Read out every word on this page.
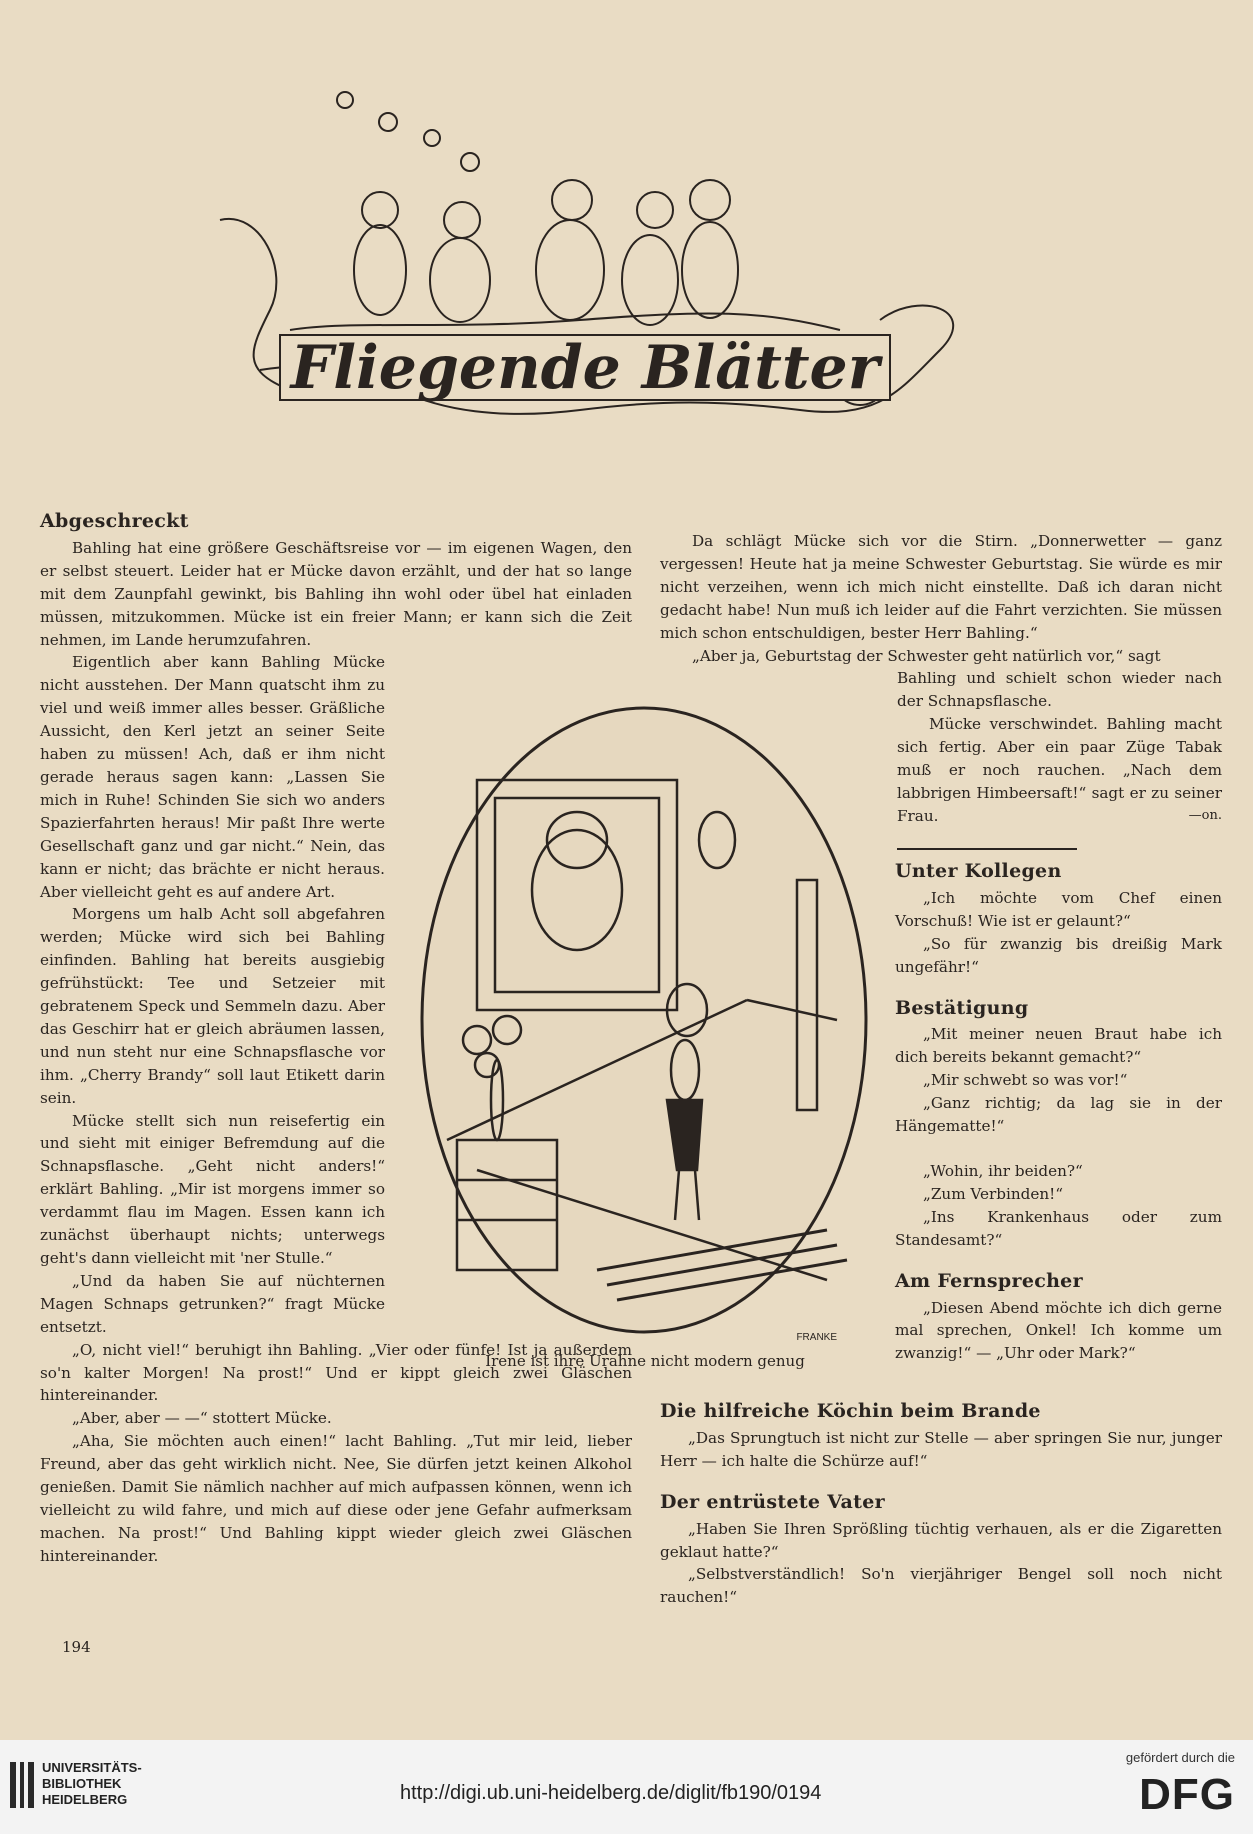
Fliegende Blätter
Abgeschreckt

Bahling hat eine größere Geschäftsreise vor — im eigenen Wagen, den er selbst steuert. Leider hat er Mücke davon erzählt, und der hat so lange mit dem Zaunpfahl gewinkt, bis Bahling ihn wohl oder übel hat einladen müssen, mitzukommen. Mücke ist ein freier Mann; er kann sich die Zeit nehmen, im Lande herumzufahren.

Eigentlich aber kann Bahling Mücke nicht ausstehen. Der Mann quatscht ihm zu viel und weiß immer alles besser. Gräßliche Aussicht, den Kerl jetzt an seiner Seite haben zu müssen! Ach, daß er ihm nicht gerade heraus sagen kann: „Lassen Sie mich in Ruhe! Schinden Sie sich wo anders Spazierfahrten heraus! Mir paßt Ihre werte Gesellschaft ganz und gar nicht.“ Nein, das kann er nicht; das brächte er nicht heraus. Aber vielleicht geht es auf andere Art.

Morgens um halb Acht soll abgefahren werden; Mücke wird sich bei Bahling einfinden. Bahling hat bereits ausgiebig gefrühstückt: Tee und Setzeier mit gebratenem Speck und Semmeln dazu. Aber das Geschirr hat er gleich abräumen lassen, und nun steht nur eine Schnapsflasche vor ihm. „Cherry Brandy“ soll laut Etikett darin sein.

Mücke stellt sich nun reisefertig ein und sieht mit einiger Befremdung auf die Schnapsflasche. „Geht nicht anders!“ erklärt Bahling. „Mir ist morgens immer so verdammt flau im Magen. Essen kann ich zunächst überhaupt nichts; unterwegs geht's dann vielleicht mit 'ner Stulle.“

„Und da haben Sie auf nüchternen Magen Schnaps getrunken?“ fragt Mücke entsetzt.

„O, nicht viel!“ beruhigt ihn Bahling. „Vier oder fünfe! Ist ja außerdem so'n kalter Morgen! Na prost!“ Und er kippt gleich zwei Gläschen hintereinander.

„Aber, aber — —“ stottert Mücke.

„Aha, Sie möchten auch einen!“ lacht Bahling. „Tut mir leid, lieber Freund, aber das geht wirklich nicht. Nee, Sie dürfen jetzt keinen Alkohol genießen. Damit Sie nämlich nachher auf mich aufpassen können, wenn ich vielleicht zu wild fahre, und mich auf diese oder jene Gefahr aufmerksam machen. Na prost!“ Und Bahling kippt wieder gleich zwei Gläschen hintereinander.

Da schlägt Mücke sich vor die Stirn. „Donnerwetter — ganz vergessen! Heute hat ja meine Schwester Geburtstag. Sie würde es mir nicht verzeihen, wenn ich mich nicht einstellte. Daß ich daran nicht gedacht habe! Nun muß ich leider auf die Fahrt verzichten. Sie müssen mich schon entschuldigen, bester Herr Bahling.“

„Aber ja, Geburtstag der Schwester geht natürlich vor,“ sagt

Bahling und schielt schon wieder nach der Schnapsflasche.

Mücke verschwindet. Bahling macht sich fertig. Aber ein paar Züge Tabak muß er noch rauchen. „Nach dem labbrigen Himbeersaft!“ sagt er zu seiner Frau.	—on.

FRANKE
Irene ist ihre Urahne nicht modern genug
Unter Kollegen

„Ich möchte vom Chef einen Vorschuß! Wie ist er gelaunt?“

„So für zwanzig bis dreißig Mark ungefähr!“

Bestätigung

„Mit meiner neuen Braut habe ich dich bereits bekannt gemacht?“

„Mir schwebt so was vor!“

„Ganz richtig; da lag sie in der Hängematte!“

„Wohin, ihr beiden?“

„Zum Verbinden!“

„Ins Krankenhaus oder zum Standesamt?“

Am Fernsprecher

„Diesen Abend möchte ich dich gerne mal sprechen, Onkel! Ich komme um zwanzig!“ — „Uhr oder Mark?“

Die hilfreiche Köchin beim Brande

„Das Sprungtuch ist nicht zur Stelle — aber springen Sie nur, junger Herr — ich halte die Schürze auf!“

Der entrüstete Vater

„Haben Sie Ihren Sprößling tüchtig verhauen, als er die Zigaretten geklaut hatte?“

„Selbstverständlich! So'n vierjähriger Bengel soll noch nicht rauchen!“

194
UNIVERSITÄTS-
BIBLIOTHEK
HEIDELBERG	http://digi.ub.uni-heidelberg.de/diglit/fb190/0194
gefördert durch die
DFG
